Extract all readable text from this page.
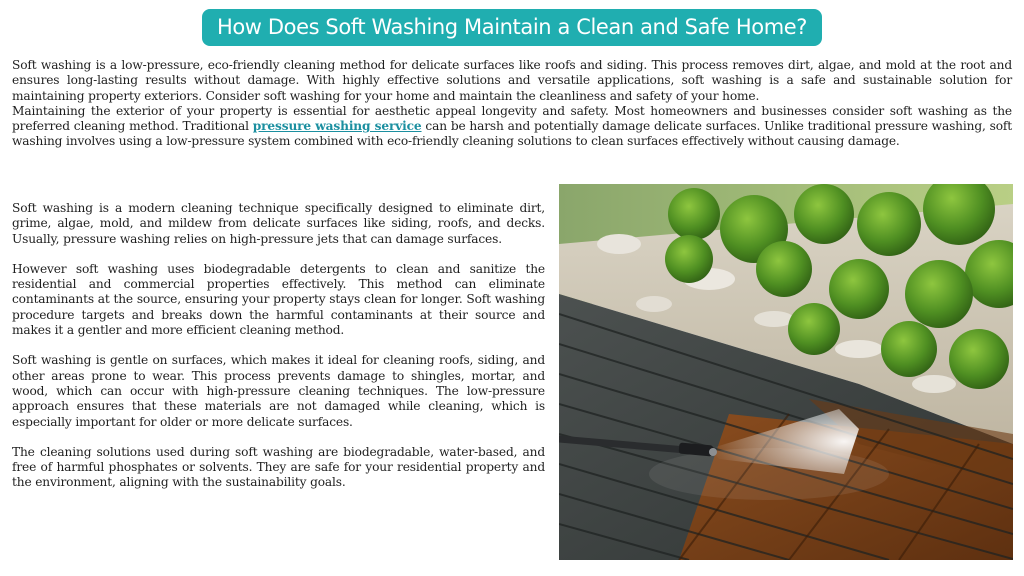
How Does Soft Washing Maintain a Clean and Safe Home?

Soft washing is a low-pressure, eco-friendly cleaning method for delicate surfaces like roofs and siding. This process removes dirt, algae, and mold at the root and ensures long-lasting results without damage. With highly effective solutions and versatile applications, soft washing is a safe and sustainable solution for maintaining property exteriors. Consider soft washing for your home and maintain the cleanliness and safety of your home.

Maintaining the exterior of your property is essential for aesthetic appeal longevity and safety. Most homeowners and businesses consider soft washing as the preferred cleaning method. Traditional pressure washing service can be harsh and potentially damage delicate surfaces. Unlike traditional pressure washing, soft washing involves using a low-pressure system combined with eco-friendly cleaning solutions to clean surfaces effectively without causing damage.

Soft washing is a modern cleaning technique specifically designed to eliminate dirt, grime, algae, mold, and mildew from delicate surfaces like siding, roofs, and decks. Usually, pressure washing relies on high-pressure jets that can damage surfaces.

However soft washing uses biodegradable detergents to clean and sanitize the residential and commercial properties effectively. This method can eliminate contaminants at the source, ensuring your property stays clean for longer. Soft washing procedure targets and breaks down the harmful contaminants at their source and makes it a gentler and more efficient cleaning method.

Soft washing is gentle on surfaces, which makes it ideal for cleaning roofs, siding, and other areas prone to wear. This process prevents damage to shingles, mortar, and wood, which can occur with high-pressure cleaning techniques. The low-pressure approach ensures that these materials are not damaged while cleaning, which is especially important for older or more delicate surfaces.

The cleaning solutions used during soft washing are biodegradable, water-based, and free of harmful phosphates or solvents. They are safe for your residential property and the environment, aligning with the sustainability goals.
